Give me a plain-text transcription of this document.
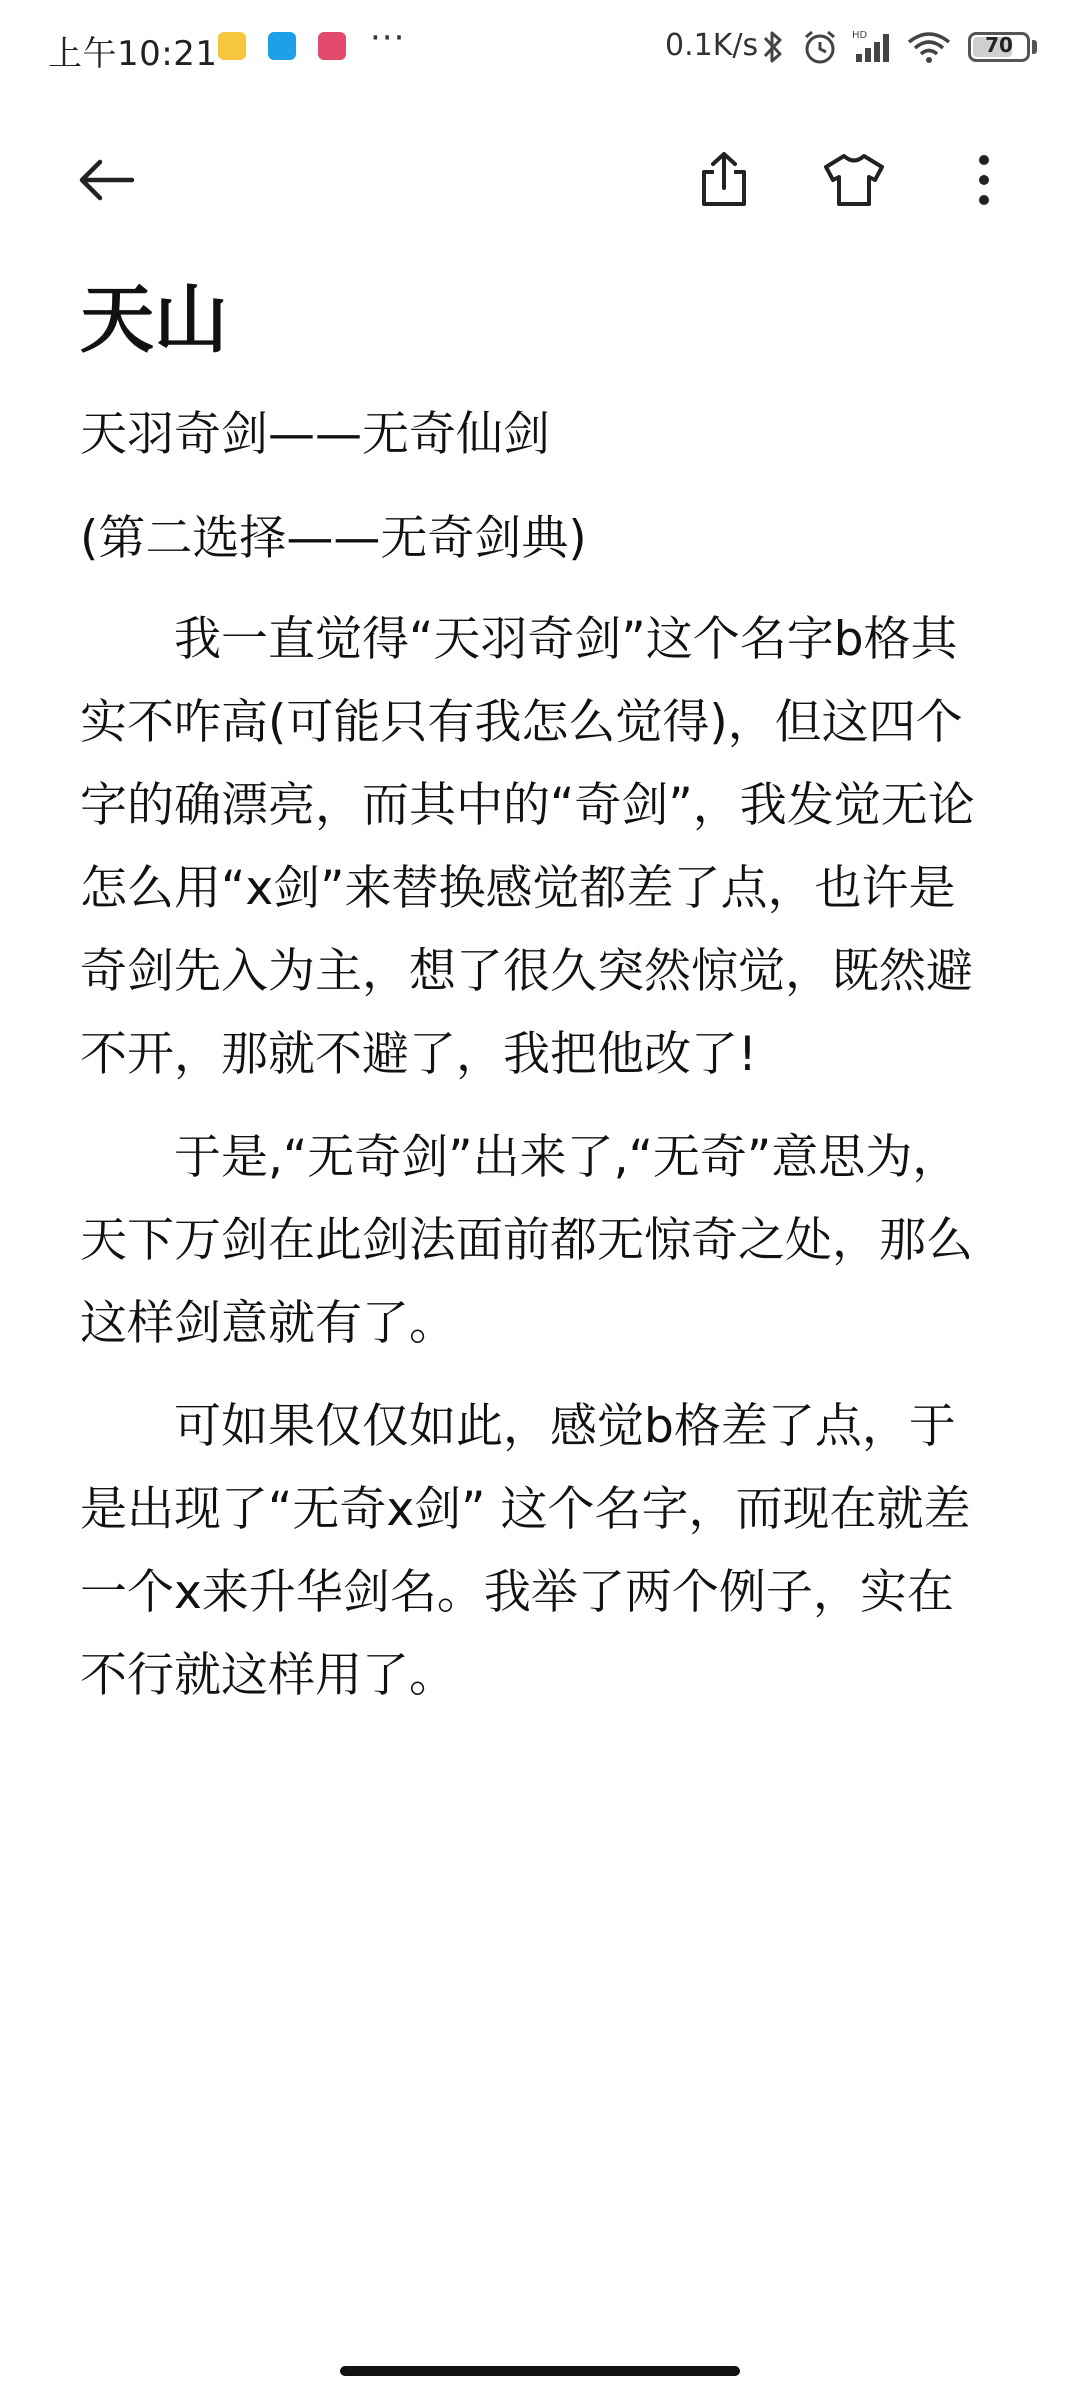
上午10:21	···	0.1K/s	HD	70
天山

天羽奇剑——无奇仙剑

(第二选择——无奇剑典)

我一直觉得“天羽奇剑”这个名字b格其实不咋高(可能只有我怎么觉得)，但这四个字的确漂亮，而其中的“奇剑”，我发觉无论怎么用“x剑”来替换感觉都差了点，也许是奇剑先入为主，想了很久突然惊觉，既然避不开，那就不避了，我把他改了!

于是,“无奇剑”出来了,“无奇”意思为，天下万剑在此剑法面前都无惊奇之处，那么这样剑意就有了。

可如果仅仅如此，感觉b格差了点，于是出现了“无奇x剑” 这个名字，而现在就差一个x来升华剑名。我举了两个例子，实在不行就这样用了。
